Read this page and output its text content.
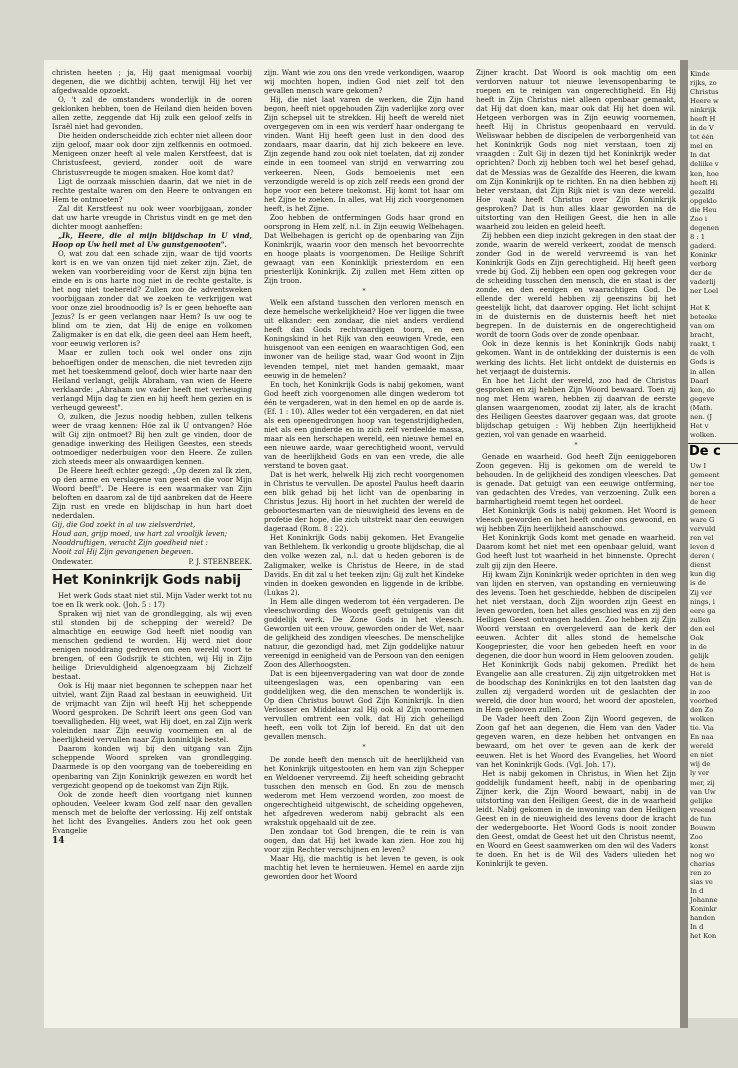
christen heeten ; ja, Hij gaat menigmaal voorbij degenen, die we dichtbij achten, terwijl Hij het ver afgedwaalde opzoekt.

O, 't zal de omstanders wonderlijk in de ooren geklonken hebben, toen de Heiland dien heiden boven allen zette, zeggende dat Hij zulk een geloof zelfs in Israël niet had gevonden.

Die heiden onderscheidde zich echter niet alleen door zijn geloof, maar ook door zijn zelfkennis en ootmoed. Menigeen onzer heeft al vele malen Kerstfeest, dat is Christusfeest, gevierd, zonder ooit de ware Christusvreugde te mogen smaken. Hoe komt dat?

Ligt de oorzaak misschien daarin, dat we niet in de rechte gestalte waren om den Heere te ontvangen en Hem te ontmoeten?

Zal dit Kerstfeest nu ook weer voorbijgaan, zonder dat uw harte vreugde in Christus vindt en ge met den dichter moogt aanheffen:

„Ik, Heere, die al mijn blijdschap in U vind, Hoop op Uw heil met al Uw gunstgenooten".

O, wat zou dat een schade zijn, waar de tijd voorts kort is en we van onzen tijd niet zeker zijn. Ziet, de weken van voorbereiding voor de Kerst zijn bijna ten einde en is ons harte nog niet in de rechte gestalte, is het nog niet toebereid? Zullen zoo de adventsweken voorbijgaan zonder dat we zoeken te verkrijgen wat voor onze ziel broodnoodig is? Is er geen behoefte aan Jezus? Is er geen verlangen naar Hem? Is uw oog te blind om te zien, dat Hij de enige en volkomen Zaligmaker is en dat elk, die geen deel aan Hem heeft, voor eeuwig verloren is?

Maar er zullen toch ook wel onder ons zijn behoeftigen onder de menschen, die niet tevreden zijn met het toeskemmend geloof, doch wier harte naar den Heiland verlangt, gelijk Abraham, van wien de Heere verklaarde: „Abraham uw vader heeft met verheuging verlangd Mijn dag te zien en hij heeft hem gezien en is verheugd geweest".

O, zulken, die Jezus noodig hebben, zullen telkens weer de vraag kennen: Hóe zal ik U ontvangen? Hóe wilt Gij zijn ontmoet? Bij hen zult ge vinden, door de genadige inwerking des Heiligen Geestes, een steeds ootmoediger nederbuigen voor den Heere. Ze zullen zich steeds meer als onwaardigen kennen.

De Heere heeft echter gezegd: „Op dezen zal Ik zien, op den arme en verslagene van geest en die voor Mijn Woord beeft". De Heere is een waarmaker van Zijn beloften en daarom zal de tijd aanbreken dat de Heere Zijn rust en vrede en blijdschap in hun hart doet nederdalen.

Gij, die God zoekt in al uw zielsverdriet,

Houd aan, grijp moed, uw hart zal vroolijk leven;

Nooddruftigen, veracht Zijn goedheid niet :

Nooit zal Hij Zijn gevangenen begeven.

Ondewater.	P. J. STEENBEEK.

Het Koninkrijk Gods nabij

Het werk Gods staat niet stil. Mijn Vader werkt tot nu toe en Ik werk ook. (Joh. 5 : 17)

Spraken wij niet van de grondlegging, als wij even stil stonden bij de schepping der wereld? De almachtige en eeuwige God heeft niet noodig van menschen gediend te worden. Hij werd niet door eenigen nooddrang gedreven om een wereld voort te brengen, of een Godsrijk te stichten, wij Hij in Zijn heilige Drievuldigheid algenoegzaam bij Zichzelf bestaat.

Ook is Hij maar niet begonnen te scheppen naar het uitviel, want Zijn Raad zal bestaan in eeuwigheid. Uit de vrijmacht van Zijn wil heeft Hij het scheppende Woord gesproken. De Schrift leert ons geen God van toevalligheden. Hij weet, wat Hij doet, en zal Zijn werk voleinden naar Zijn eeuwig voornemen en al de heerlijkheid vervullen naar Zijn koninklijk bestel.

Daarom konden wij bij den uitgang van Zijn scheppende Woord spreken van grondlegging. Daarmede is op den voorgang van de toebereiding en openbaring van Zijn Koninkrijk gewezen en wordt het vergezicht geopend op de toekomst van Zijn Rijk.

Ook de zonde heeft dien voortgang niet kunnen ophouden. Veeleer kwam God zelf naar den gevallen mensch met de belofte der verlossing. Hij zelf ontstak het licht des Evangelies. Anders zou het ook geen Evangelie

14

zijn. Want wie zou ons den vrede verkondigen, waarop wij mochten hopen, indien God niet zelf tot den gevallen mensch ware gekomen?

Hij, die niet laat varen de werken, die Zijn hand begon, heeft niet opgehouden Zijn vaderlijke zorg over Zijn schepsel uit te strekken. Hij heeft de wereld niet overgegeven om in een wis verderf haar ondergang te vinden. Want Hij heeft geen lust in den dood des zondaars, maar daarin, dat hij zich bekeere en leve. Zijn zegende hand zou ook niet toelaten, dat zij zonder einde in een toomeel van strijd en verwarring zou verkeeren. Neen, Gods bemoeienis met een verzondigde wereld is op zich zelf reeds een grond der hope voor een betere toekomst. Hij komt tot haar om het Zijne te zoeken. In alles, wat Hij zich voorgenomen heeft, is het Zijne.

Zoo hebben de ontfermingen Gods haar grond en oorsprong in Hem zelf, n.l. in Zijn eeuwig Welbehagen. Dat Welbehagen is gericht op de openbaring van Zijn Koninkrijk, waarin voor den mensch het bevoorrechte en hooge plaats is voorgenomen. De Heilige Schrift gewaagt van een Koninklijk priesterdom en een priesterlijk Koninkrijk. Zij zullen met Hem zitten op Zijn troon.

*

Welk een afstand tusschen den verloren mensch en deze hemelsche werkelijkheid? Hoe ver liggen die twee uit elkander: een zondaar, die niet anders verdiend heeft dan Gods rechtvaardigen toorn, en een Koningskind in het Rijk van den eeuwigen Vrede, een huisgenoot van een eenigen en waarachtigen God, een inwoner van de heilige stad, waar God woont in Zijn levenden tempel, niet met handen gemaakt, maar eeuwig in de hemelen?

En toch, het Koninkrijk Gods is nabij gekomen, want God heeft zich voorgenomen alle dingen wederom tot één te vergaderen, wat in den hemel en op de aarde is. (Ef. 1 : 10). Alles weder tot één vergaderen, en dat niet als een opeengedrongen hoop van tegenstrijdigheden, niet als een ginderde en in zich zelf verdeelde massa, maar als een herschapen wereld, een nieuwe hemel en een nieuwe aarde, waar gerechtigheid woont, vervuld van de heerlijkheid Gods en van een vrede, die alle verstand te boven gaat.

Dat is het werk, helwelk Hij zich recht voorgenomen in Christus te vervullen. De apostel Paulus heeft daarin een blik gehad bij het licht van de openbaring in Christus Jezus. Hij hoort in het zuchten der wereld de geboortesmarten van de nieuwigheid des levens en de profetie der hope, die zich uitstrekt naar den eeuwigen dageraad (Rom. 8 : 22).

Het Koninkrijk Gods nabij gekomen. Het Evangelie van Bethlehem. Ik verkondig u groote blijdschap, die al den volke wezen zal, n.l. dat u heden geboren is de Zaligmaker, welke is Christus de Heere, in de stad Davids. En dit zal u het teeken zijn: Gij zult het Kindeke vinden in doeken gewonden en liggende in de kribbe. (Lukas 2).

In Hem alle dingen wederom tot één vergaderen. De vleeschwording des Woords geeft getuigenis van dit goddelijk werk. De Zone Gods in het vleesch. Geworden uit een vrouw, geworden onder de Wet, naar de gelijkheid des zondigen vleesches. De menschelijke natuur, die gezondigd had, met Zijn goddelijke natuur vereenigd in eenigheid van de Persoon van den eenigen Zoon des Allerhoogsten.

Dat is een bijeenvergadering van wat door de zonde uiteengeslagen was, een openbaring van een goddelijken weg, die den menschen te wonderlijk is. Op dien Christus bouwt God Zijn Koninkrijk. In dien Verlosser en Middelaar zal Hij ook al Zijn voornemen vervullen omtrent een volk, dat Hij zich geheiligd heeft, een volk tot Zijn lof bereid. En dat uit den gevallen mensch.

*

De zonde heeft den mensch uit de heerlijkheid van het Koninkrijk uitgestooten en hem van zijn Schepper en Weldoener vervreemd. Zij heeft scheiding gebracht tusschen den mensch en God. En zou de mensch wederom met Hem verzoend worden, zoo moest de ongerechtigheid uitgewischt, de scheiding opgeheven, het afgedreven wederom nabij gebracht als een wrakstuk opgehaald uit de zee.

Den zondaar tot God brengen, die te rein is van oogen, dan dat Hij het kwade kan zien. Hoe zou hij voor zijn Rechter verschijnen en leven?

Maar Hij, die machtig is het leven te geven, is ook machtig het leven te hernieuwen. Hemel en aarde zijn geworden door het Woord

Zijner kracht. Dat Woord is ook machtig om een verdorven natuur tot nieuwe levensopenbaring te roepen en te reinigen van ongerechtigheid. En Hij heeft in Zijn Christus niet alleen openbaar gemaakt, dat Hij dat doen kan, maar ook dat Hij het doen wil. Hetgeen verborgen was in Zijn eeuwig voornemen, heeft Hij in Christus geopenbaard en vervuld. Weliswaar hebben de discipelen de verborgenheid van het Koninkrijk Gods nog niet verstaan, toen zij vraagden : Zult Gij in dezen tijd het Koninkrijk weder oprichten? Doch zij hebben toch wel het besef gehad, dat de Messias was de Gezalfde des Heeren, die kwam om Zijn Koninkrijk op te richten. En na dien hebben zij beter verstaan, dat Zijn Rijk niet is van deze wereld. Hoe vaak heeft Christus over Zijn Koninkrijk gesproken? Dat is hun alles klaar geworden na de uitstorting van den Heiligen Geest, die hen in alle waarheid zou leiden en geleid heeft.

Zij hebben een diep inzicht gekregen in den staat der zonde, waarin de wereld verkeert, zoodat de mensch zonder God in de wereld vervreemd is van het Koninkrijk Gods en Zijn gerechtigheid. Hij heeft geen vrede bij God. Zij hebben een open oog gekregen voor de scheiding tusschen den mensch, die en staat is der zonde, en den eenigen en waarachtigen God. De ellende der wereld hebben zij geenszins bij het geestelijk licht, dat daarover opging. Het licht schijnt in de duisternis en de duisternis heeft het niet begrepen. In de duisternis en de ongerechtigheid wordt de toorn Gods over de zonde openbaar.

Ook in deze kennis is het Koninkrijk Gods nabij gekomen. Want in de ontdekking der duisternis is een werking des lichts. Het licht ontdekt de duisternis en het verjaagt de duisternis.

En hoe het Licht der wereld, zoo had de Christus gesproken en zij hebben Zijn Woord bewaard. Toen zij nog met Hem waren, hebben zij daarvan de eerste glansen waargenomen, zoodat zij later, als de kracht des Heiligen Geestes daarover gegaan was, dat groote blijdschap getuigen : Wij hebben Zijn heerlijkheid gezien, vol van genade en waarheid.

*

Genade en waarheid. God heeft Zijn eeniggeboren Zoon gegeven. Hij is gekomen om de wereld te behouden. In de gelijkheid des zondigen vleesches. Dat is genade. Dat getuigt van een eeuwige ontferming, van gedachten des Vredes, van verzoening. Zulk een barmhartigheid roemt tegen het oordeel.

Het Koninkrijk Gods is nabij gekomen. Het Woord is vleesch geworden en het heeft onder ons gewoond, en wij hebben Zijn heerlijkheid aanschouwd.

Het Koninkrijk Gods komt met genade en waarheid. Daarom komt het niet met een openbaar geluid, want God heeft lust tot waarheid in het binnenste. Oprecht zult gij zijn den Heere.

Hij kwam Zijn Koninkrijk weder oprichten in den weg van lijden en sterven, van opstanding en vernieuwing des levens. Toen het geschiedde, hebben de discipelen het niet verstaan, doch Zijn woorden zijn Geest en leven geworden, toen het alles geschied was en zij den Heiligen Geest ontvangen hadden. Zoo hebben zij Zijn Woord verstaan en overgeleverd aan de kerk der eeuwen. Achter dit alles stond de hemelsche Koogepriester, die voor hen gebeden heeft en voor degenen, die door hun woord in Hem gelooven zouden.

Het Koninkrijk Gods nabij gekomen. Predikt het Evangelie aan alle creaturen. Zij zijn uitgetrokken met de boodschap des Koninkrijks en tot den laatsten dag zullen zij vergaderd worden uit de geslachten der wereld, die door hun woord, het woord der apostelen, in Hem gelooven zullen.

De Vader heeft den Zoon Zijn Woord gegeven, de Zoon gaf het aan degenen, die Hem van den Vader gegeven waren, en deze hebben het ontvangen en bewaard, om het over te geven aan de kerk der eeuwen. Het is het Woord des Evangelies, het Woord van het Koninkrijk Gods. (Vgl. Joh. 17).

Het is nabij gekomen in Christus, in Wien het Zijn goddelijk fundament heeft, nabij in de openbaring Zijner kerk, die Zijn Woord bewaart, nabij in de uitstorting van den Heiligen Geest, die in de waarheid leidt. Nabij gekomen in de inwoning van den Heiligen Geest en in de nieuwigheid des levens door de kracht der wedergeboorte. Het Woord Gods is nooit zonder den Geest, omdat de Geest het uit den Christus neemt, en Woord en Geest saamwerken om den wil des Vaders te doen. En het is de Wil des Vaders ulieden het Koninkrijk te geven.

Kinde
rijks, zo
Christus
Heere w
ninkrijk
heeft H
in de V
tot één
mel en
In dat
deliike v
ken, hoe
heeft Hi
gezalfd
opgeklo
die Heu
Zoo i
degenen
8 : 1
gaderd.
Koninkr
verborg
der de
vaderlij
ner Loel
Het K
beteeke
van om
bracht,
raakt, t
de volh
Gods is
in allen
Daarl
ken, do
gegeve
(Math.
nen. (J
Het v
wolken.
De c
Uw I
gemeent
ner toe
boren a
de heer
gemeen
ware G
vervuld
ren vel
leven d
deren (
dienst
kun dig
is de
Zij ver
nings, i
eere ga
zullen
den eel
Ook
in de
gelijk
de hem
Het is
van de
in zoo
voorbed
den Zo
wolken
tie. Via
En naa
wereld
en niet
wij de
ly ver
mer, zij
van Uw
gelijke
vreemd
de fun
Bouwm
Zoo
konst
nog wo
charias
ren zo
sias ve
In d
Johanne
Koninkr
handen
In d
het Kon
